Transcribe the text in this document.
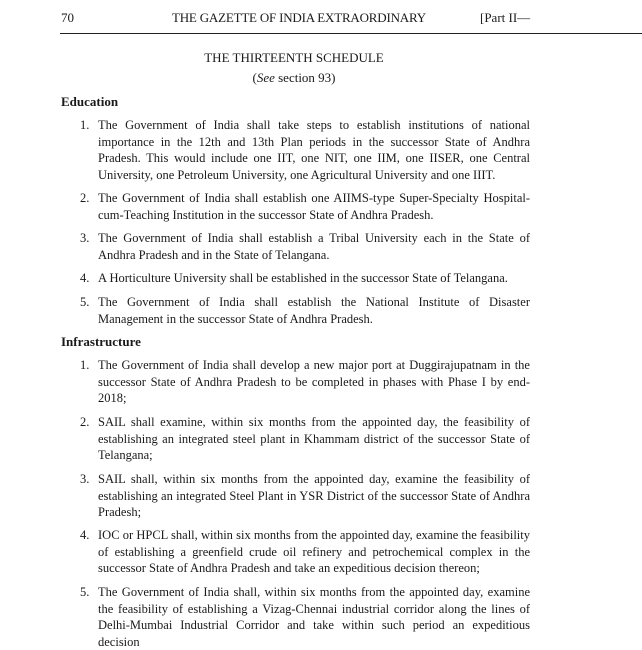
70	THE GAZETTE OF INDIA EXTRAORDINARY	[Part II—
THE THIRTEENTH SCHEDULE
(See section 93)
Education
1. The Government of India shall take steps to establish institutions of national importance in the 12th and 13th Plan periods in the successor State of Andhra Pradesh. This would include one IIT, one NIT, one IIM, one IISER, one Central University, one Petroleum University, one Agricultural University and one IIIT.
2. The Government of India shall establish one AIIMS-type Super-Specialty Hospital-cum-Teaching Institution in the successor State of Andhra Pradesh.
3. The Government of India shall establish a Tribal University each in the State of Andhra Pradesh and in the State of Telangana.
4. A Horticulture University shall be established in the successor State of Telangana.
5. The Government of India shall establish the National Institute of Disaster Management in the successor State of Andhra Pradesh.
Infrastructure
1. The Government of India shall develop a new major port at Duggirajupatnam in the successor State of Andhra Pradesh to be completed in phases with Phase I by end-2018;
2. SAIL shall examine, within six months from the appointed day, the feasibility of establishing an integrated steel plant in Khammam district of the successor State of Telangana;
3. SAIL shall, within six months from the appointed day, examine the feasibility of establishing an integrated Steel Plant in YSR District of the successor State of Andhra Pradesh;
4. IOC or HPCL shall, within six months from the appointed day, examine the feasibility of establishing a greenfield crude oil refinery and petrochemical complex in the successor State of Andhra Pradesh and take an expeditious decision thereon;
5. The Government of India shall, within six months from the appointed day, examine the feasibility of establishing a Vizag-Chennai industrial corridor along the lines of Delhi-Mumbai Industrial Corridor and take within such period an expeditious decision
